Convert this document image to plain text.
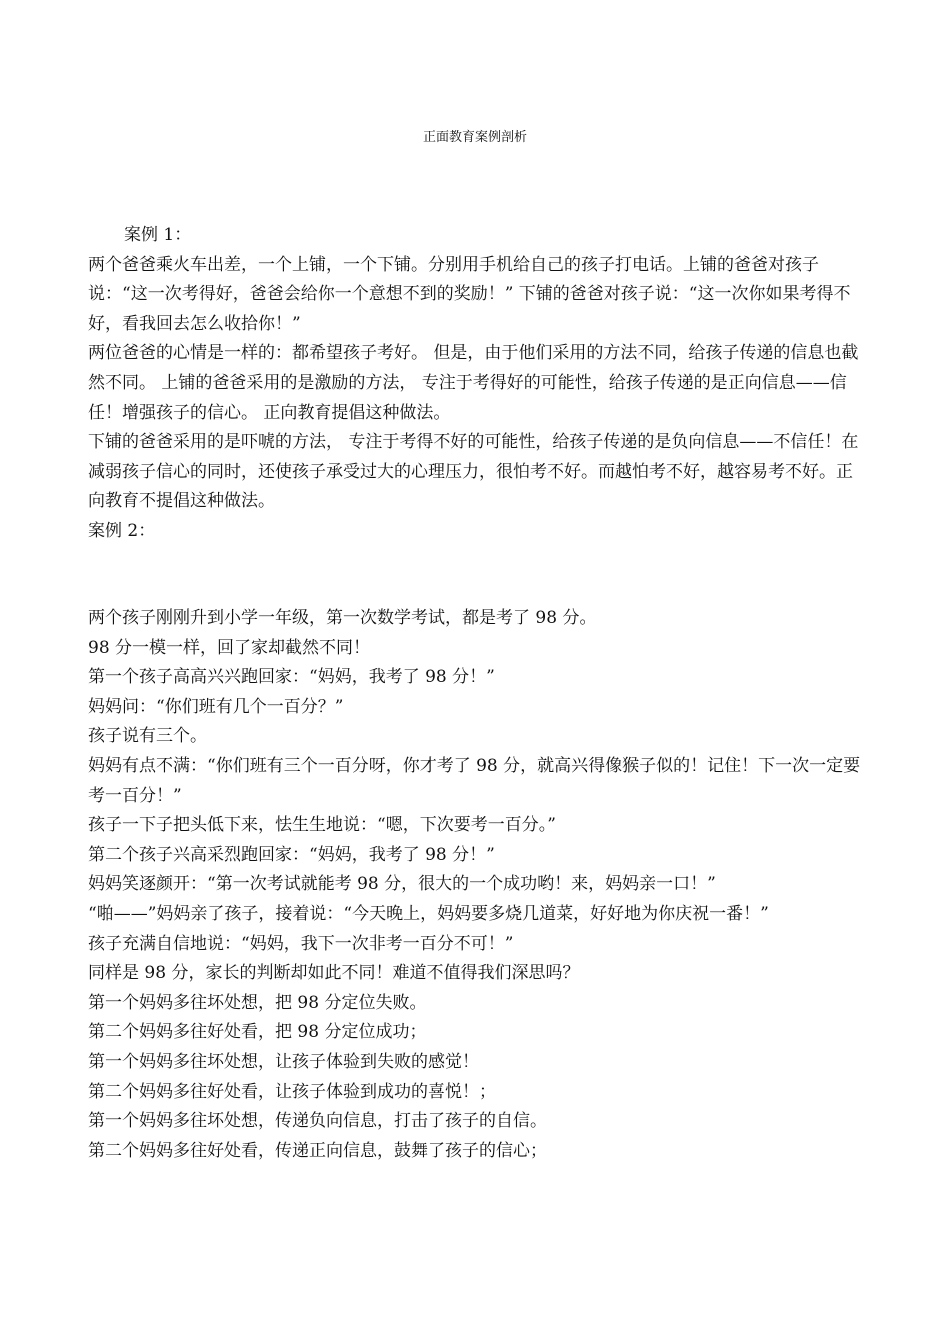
正面教育案例剖析

案例 1：

两个爸爸乘火车出差，一个上铺，一个下铺。分别用手机给自己的孩子打电话。上铺的爸爸对孩子说：“这一次考得好，爸爸会给你一个意想不到的奖励！” 下铺的爸爸对孩子说：“这一次你如果考得不好，看我回去怎么收拾你！”

两位爸爸的心情是一样的：都希望孩子考好。 但是，由于他们采用的方法不同，给孩子传递的信息也截然不同。 上铺的爸爸采用的是激励的方法， 专注于考得好的可能性，给孩子传递的是正向信息——信任！增强孩子的信心。 正向教育提倡这种做法。

下铺的爸爸采用的是吓唬的方法， 专注于考得不好的可能性，给孩子传递的是负向信息——不信任！在减弱孩子信心的同时，还使孩子承受过大的心理压力，很怕考不好。而越怕考不好，越容易考不好。正向教育不提倡这种做法。

案例 2：

两个孩子刚刚升到小学一年级，第一次数学考试，都是考了 98 分。

98 分一模一样，回了家却截然不同！

第一个孩子高高兴兴跑回家：“妈妈，我考了 98 分！”

妈妈问：“你们班有几个一百分？”

孩子说有三个。

妈妈有点不满：“你们班有三个一百分呀，你才考了 98 分，就高兴得像猴子似的！记住！下一次一定要考一百分！”

孩子一下子把头低下来，怯生生地说：“嗯，下次要考一百分。”

第二个孩子兴高采烈跑回家：“妈妈，我考了 98 分！”

妈妈笑逐颜开：“第一次考试就能考 98 分，很大的一个成功哟！来，妈妈亲一口！”

“啪——”妈妈亲了孩子，接着说：“今天晚上，妈妈要多烧几道菜，好好地为你庆祝一番！”

孩子充满自信地说：“妈妈，我下一次非考一百分不可！”

同样是 98 分，家长的判断却如此不同！难道不值得我们深思吗？

第一个妈妈多往坏处想，把 98 分定位失败。

第二个妈妈多往好处看，把 98 分定位成功；

第一个妈妈多往坏处想，让孩子体验到失败的感觉！

第二个妈妈多往好处看，让孩子体验到成功的喜悦！；

第一个妈妈多往坏处想，传递负向信息，打击了孩子的自信。

第二个妈妈多往好处看，传递正向信息，鼓舞了孩子的信心；
